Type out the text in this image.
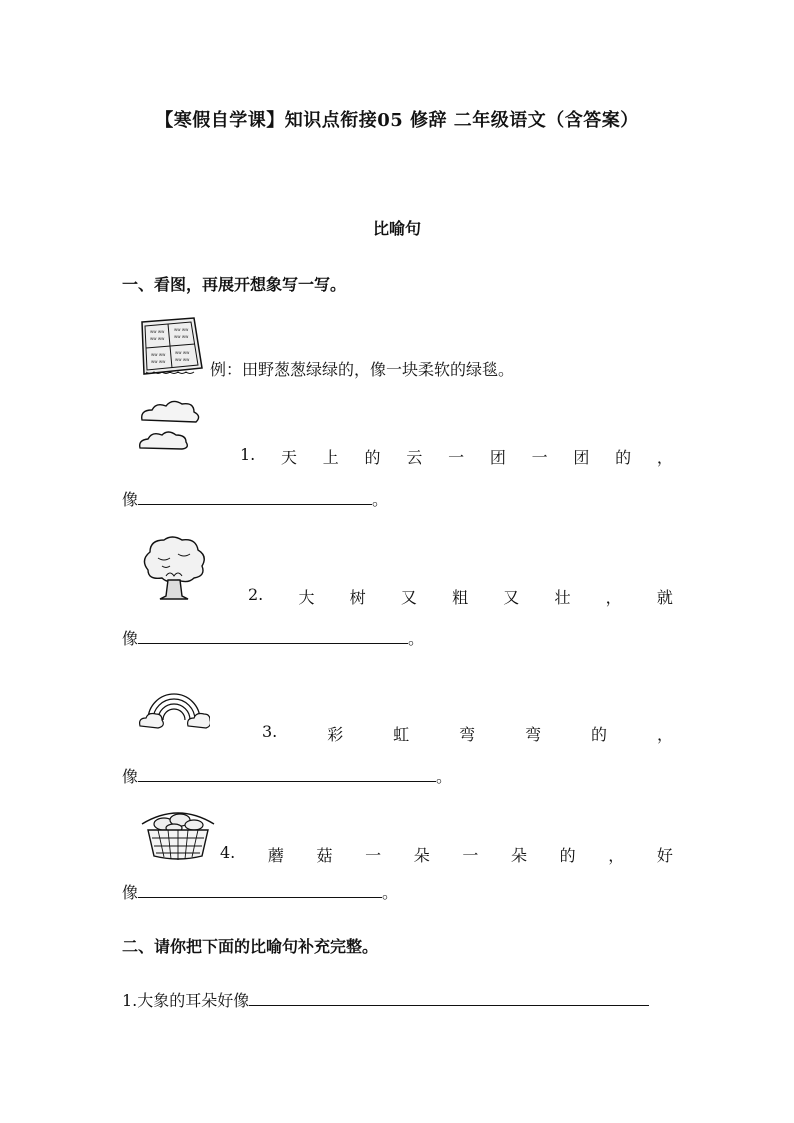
【寒假自学课】知识点衔接05 修辞 二年级语文（含答案）
比喻句
一、看图，再展开想象写一写。
ww ww
ww ww
ww ww
ww ww
ww ww
ww ww
ww ww
ww ww
例：田野葱葱绿绿的，像一块柔软的绿毯。
1. 天 上 的 云 一 团 一 团 的 ，
像	。
2. 大 树 又 粗 又 壮 ， 就
像	。
3.	彩	虹	弯	弯	的	，
像	。
4. 蘑 菇 一 朵 一 朵 的 ， 好
像	。
二、请你把下面的比喻句补充完整。
1.大象的耳朵好像
